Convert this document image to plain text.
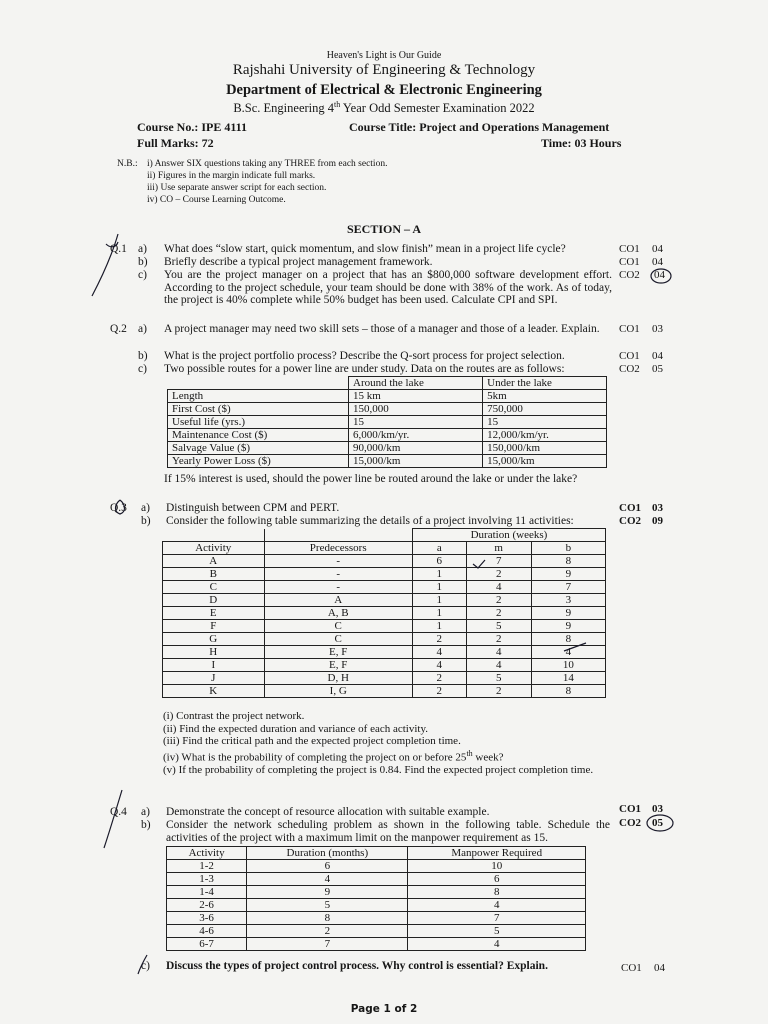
Heaven's Light is Our Guide
Rajshahi University of Engineering & Technology
Department of Electrical & Electronic Engineering
B.Sc. Engineering 4th Year Odd Semester Examination 2022
Course No.: IPE 4111	Course Title: Project and Operations Management
Full Marks: 72	Time: 03 Hours
N.B.: i) Answer SIX questions taking any THREE from each section.
ii) Figures in the margin indicate full marks.
iii) Use separate answer script for each section.
iv) CO – Course Learning Outcome.
SECTION – A
Q.1 a) What does “slow start, quick momentum, and slow finish” mean in a project life cycle?	CO1 04
b) Briefly describe a typical project management framework.	CO1 04
c) You are the project manager on a project that has an $800,000 software development effort. According to the project schedule, your team should be done with 38% of the work. As of today, the project is 40% complete while 50% budget has been used. Calculate CPI and SPI.
CO2 04
Q.2 a) A project manager may need two skill sets – those of a manager and those of a leader. Explain.	CO1 03
b) What is the project portfolio process? Describe the Q-sort process for project selection.	CO1 04
c) Two possible routes for a power line are under study. Data on the routes are as follows:	CO2 05
	Around the lake	Under the lake
Length	15 km	5km
First Cost ($)	150,000	750,000
Useful life (yrs.)	15	15
Maintenance Cost ($)	6,000/km/yr.	12,000/km/yr.
Salvage Value ($)	90,000/km	150,000/km
Yearly Power Loss ($)	15,000/km	15,000/km
If 15% interest is used, should the power line be routed around the lake or under the lake?
Q.3 a) Distinguish between CPM and PERT.	CO1 03
b) Consider the following table summarizing the details of a project involving 11 activities:	CO2 09
		Duration (weeks)		
Activity	Predecessors	a	m	b
A	-	6	7	8
B	-	1	2	9
C	-	1	4	7
D	A	1	2	3
E	A, B	1	2	9
F	C	1	5	9
G	C	2	2	8
H	E, F	4	4	4
I	E, F	4	4	10
J	D, H	2	5	14
K	I, G	2	2	8
(i) Contrast the project network.
(ii) Find the expected duration and variance of each activity.
(iii) Find the critical path and the expected project completion time.
(iv) What is the probability of completing the project on or before 25th week?
(v) If the probability of completing the project is 0.84. Find the expected project completion time.
Q.4 a) Demonstrate the concept of resource allocation with suitable example.	CO1 03
b) Consider the network scheduling problem as shown in the following table. Schedule the activities of the project with a maximum limit on the manpower requirement as 15.
CO2 05
Activity	Duration (months)	Manpower Required
1-2	6	10
1-3	4	6
1-4	9	8
2-6	5	4
3-6	8	7
4-6	2	5
6-7	7	4
c) Discuss the types of project control process. Why control is essential? Explain.	CO1 04
Page 1 of 2
